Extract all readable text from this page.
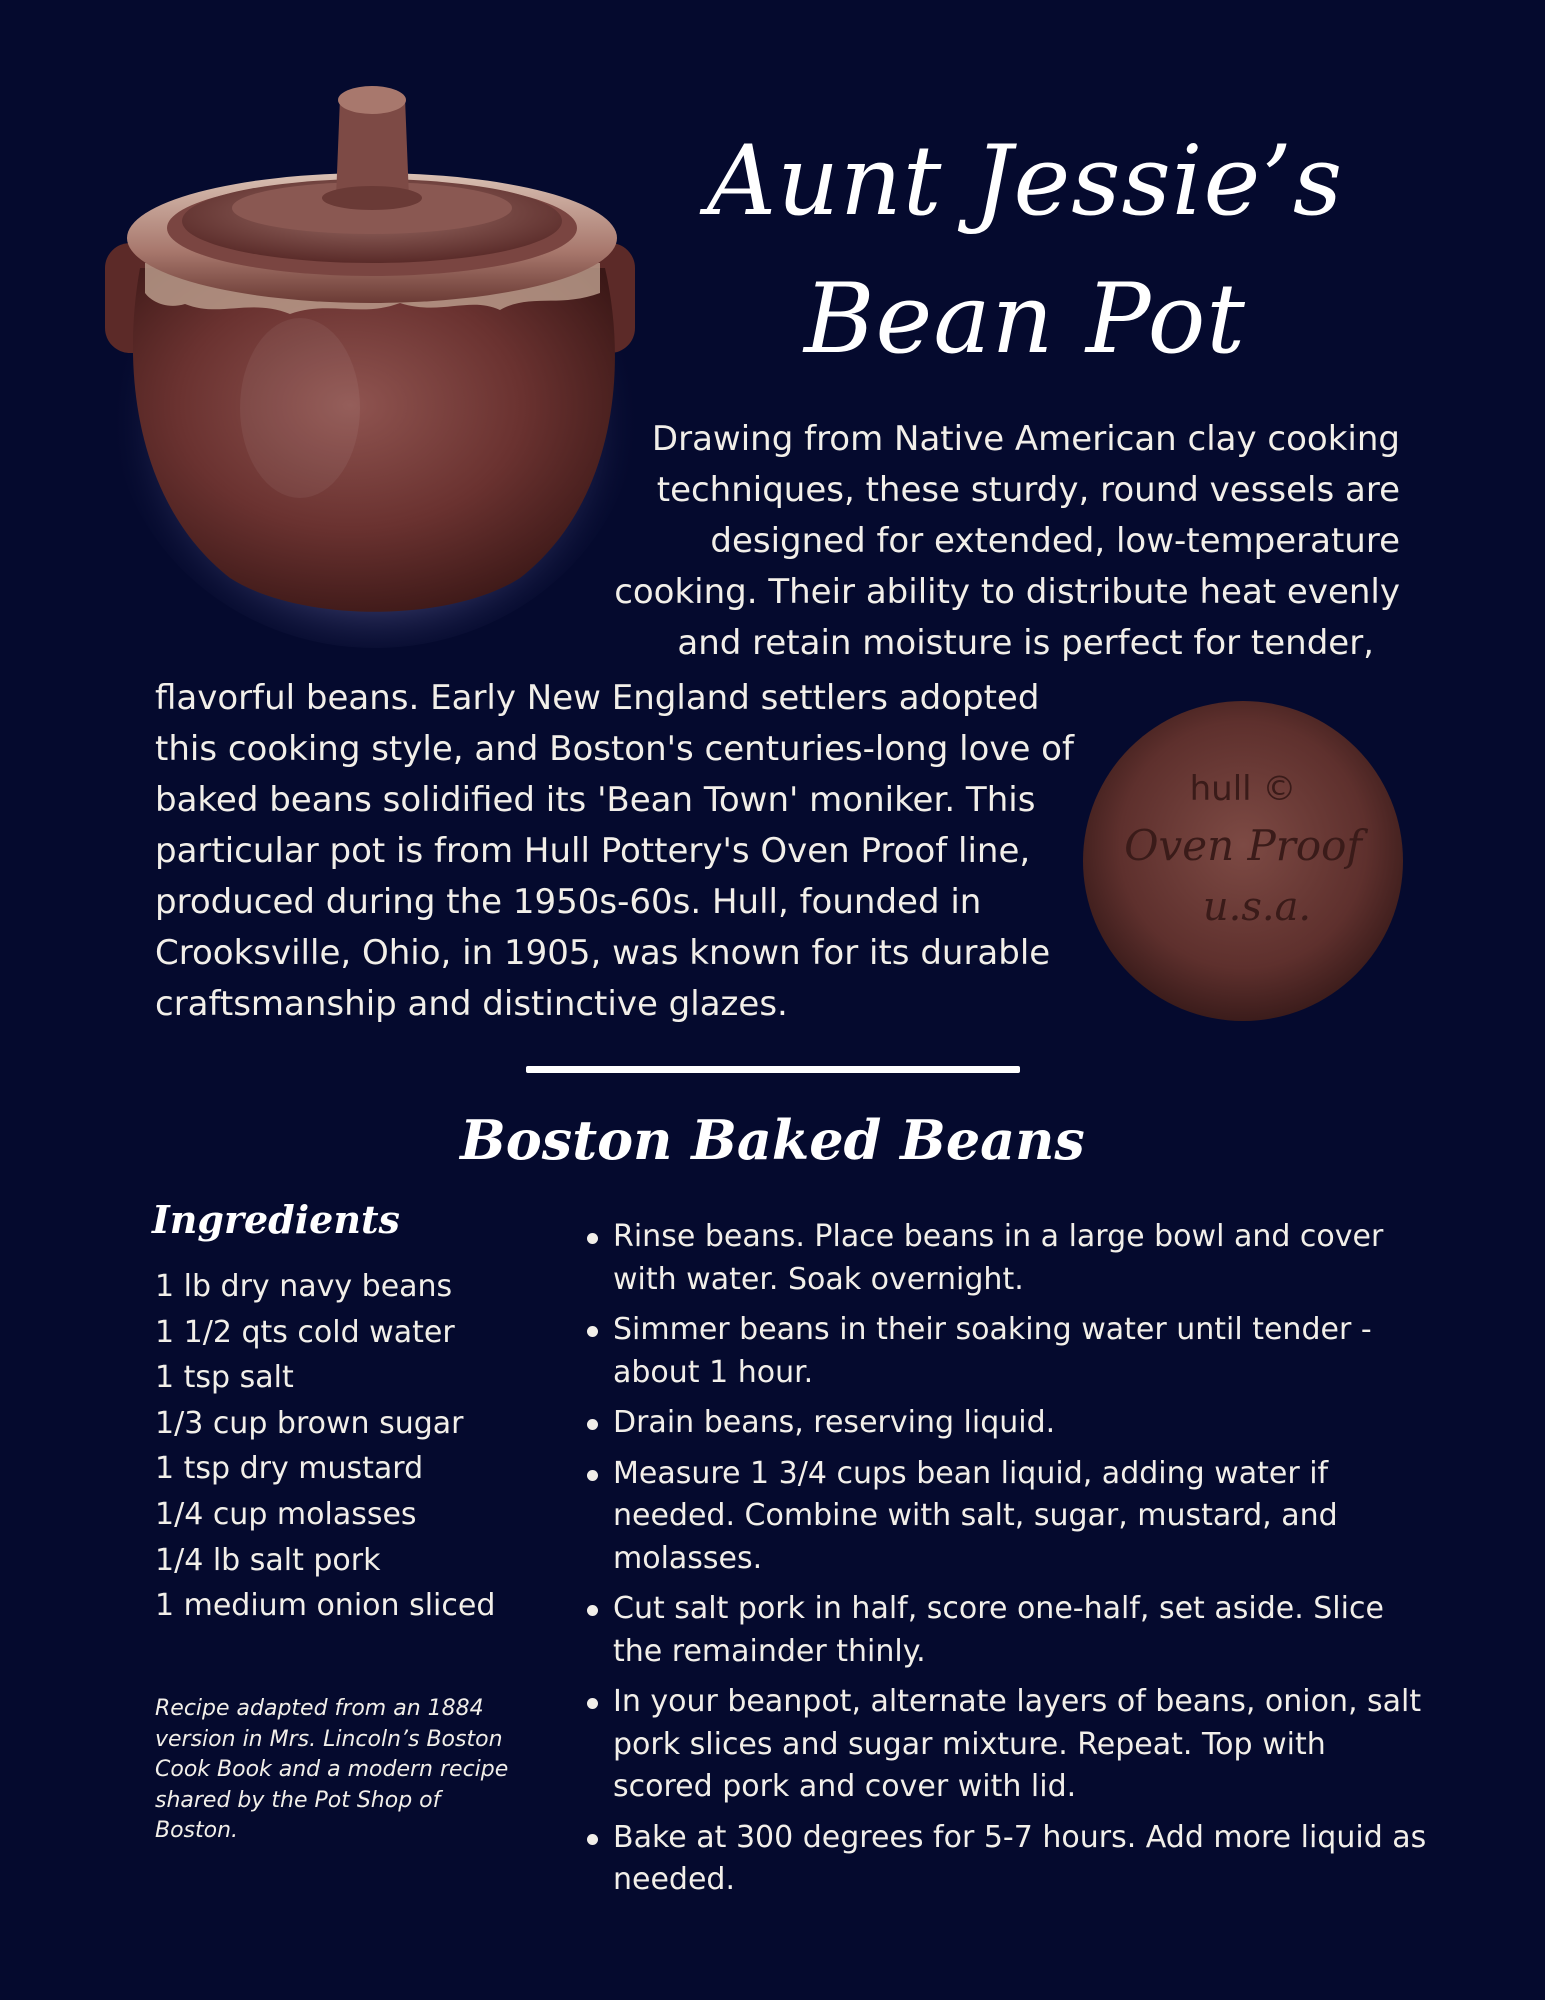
Aunt Jessie’s
Bean Pot
Drawing from Native American clay cooking
techniques, these sturdy, round vessels are
designed for extended, low-temperature
cooking. Their ability to distribute heat evenly
and retain moisture is perfect for tender,
flavorful beans. Early New England settlers adopted
this cooking style, and Boston's centuries-long love of
baked beans solidified its 'Bean Town' moniker. This
particular pot is from Hull Pottery's Oven Proof line,
produced during the 1950s-60s. Hull, founded in
Crooksville, Ohio, in 1905, was known for its durable
craftsmanship and distinctive glazes.
hull ©
Oven Proof
u.s.a.
Boston Baked Beans
Ingredients
1 lb dry navy beans
1 1/2 qts cold water
1 tsp salt
1/3 cup brown sugar
1 tsp dry mustard
1/4 cup molasses
1/4 lb salt pork
1 medium onion sliced
Recipe adapted from an 1884
version in Mrs. Lincoln’s Boston
Cook Book and a modern recipe
shared by the Pot Shop of
Boston.
Rinse beans. Place beans in a large bowl and cover
with water. Soak overnight.
Simmer beans in their soaking water until tender -
about 1 hour.
Drain beans, reserving liquid.
Measure 1 3/4 cups bean liquid, adding water if
needed. Combine with salt, sugar, mustard, and
molasses.
Cut salt pork in half, score one-half, set aside. Slice
the remainder thinly.
In your beanpot, alternate layers of beans, onion, salt
pork slices and sugar mixture. Repeat. Top with
scored pork and cover with lid.
Bake at 300 degrees for 5-7 hours. Add more liquid as
needed.
